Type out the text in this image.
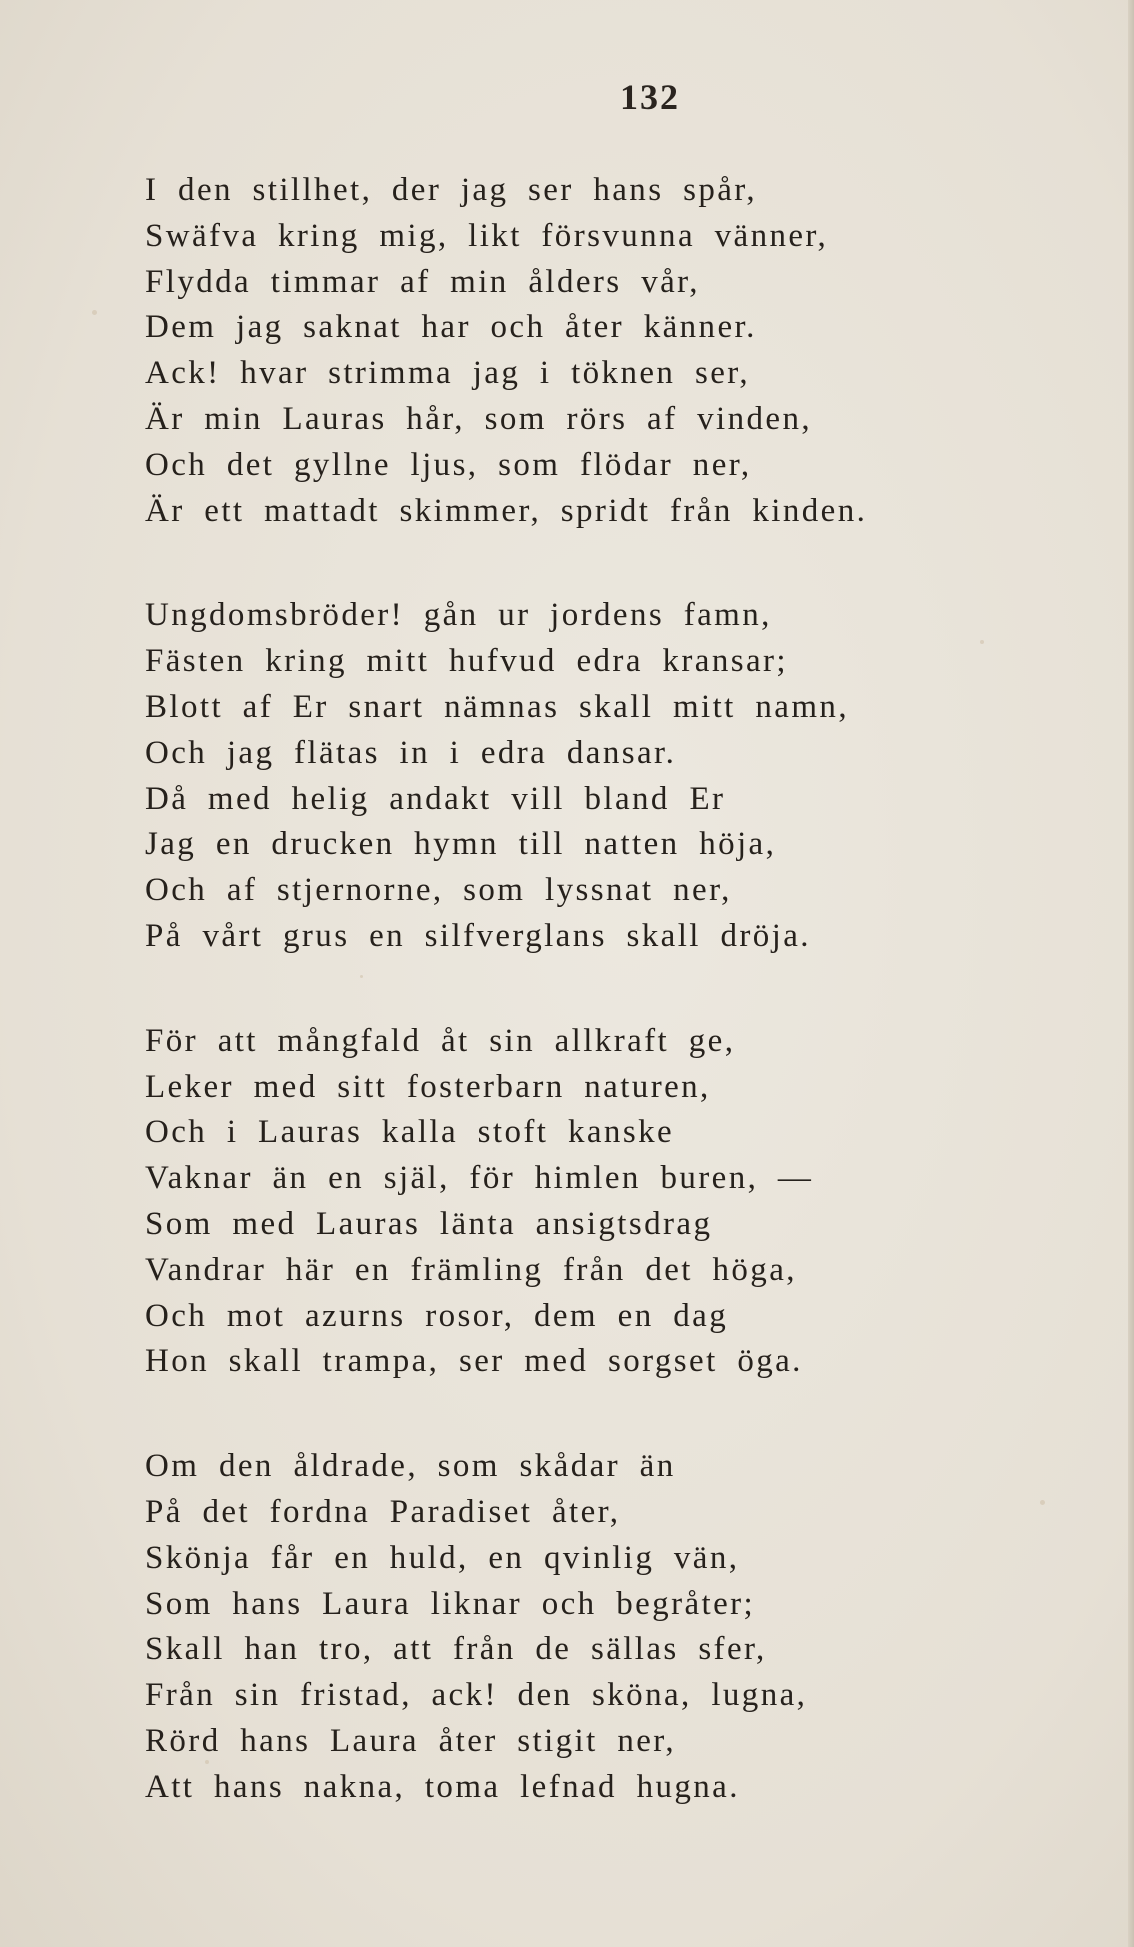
132
I den stillhet, der jag ser hans spår,
Swäfva kring mig, likt försvunna vänner,
Flydda timmar af min ålders vår,
Dem jag saknat har och åter känner.
Ack! hvar strimma jag i töknen ser,
Är min Lauras hår, som rörs af vinden,
Och det gyllne ljus, som flödar ner,
Är ett mattadt skimmer, spridt från kinden.
Ungdomsbröder! gån ur jordens famn,
Fästen kring mitt hufvud edra kransar;
Blott af Er snart nämnas skall mitt namn,
Och jag flätas in i edra dansar.
Då med helig andakt vill bland Er
Jag en drucken hymn till natten höja,
Och af stjernorne, som lyssnat ner,
På vårt grus en silfverglans skall dröja.
För att mångfald åt sin allkraft ge,
Leker med sitt fosterbarn naturen,
Och i Lauras kalla stoft kanske
Vaknar än en själ, för himlen buren, —
Som med Lauras länta ansigtsdrag
Vandrar här en främling från det höga,
Och mot azurns rosor, dem en dag
Hon skall trampa, ser med sorgset öga.
Om den åldrade, som skådar än
På det fordna Paradiset åter,
Skönja får en huld, en qvinlig vän,
Som hans Laura liknar och begråter;
Skall han tro, att från de sällas sfer,
Från sin fristad, ack! den sköna, lugna,
Rörd hans Laura åter stigit ner,
Att hans nakna, toma lefnad hugna.
